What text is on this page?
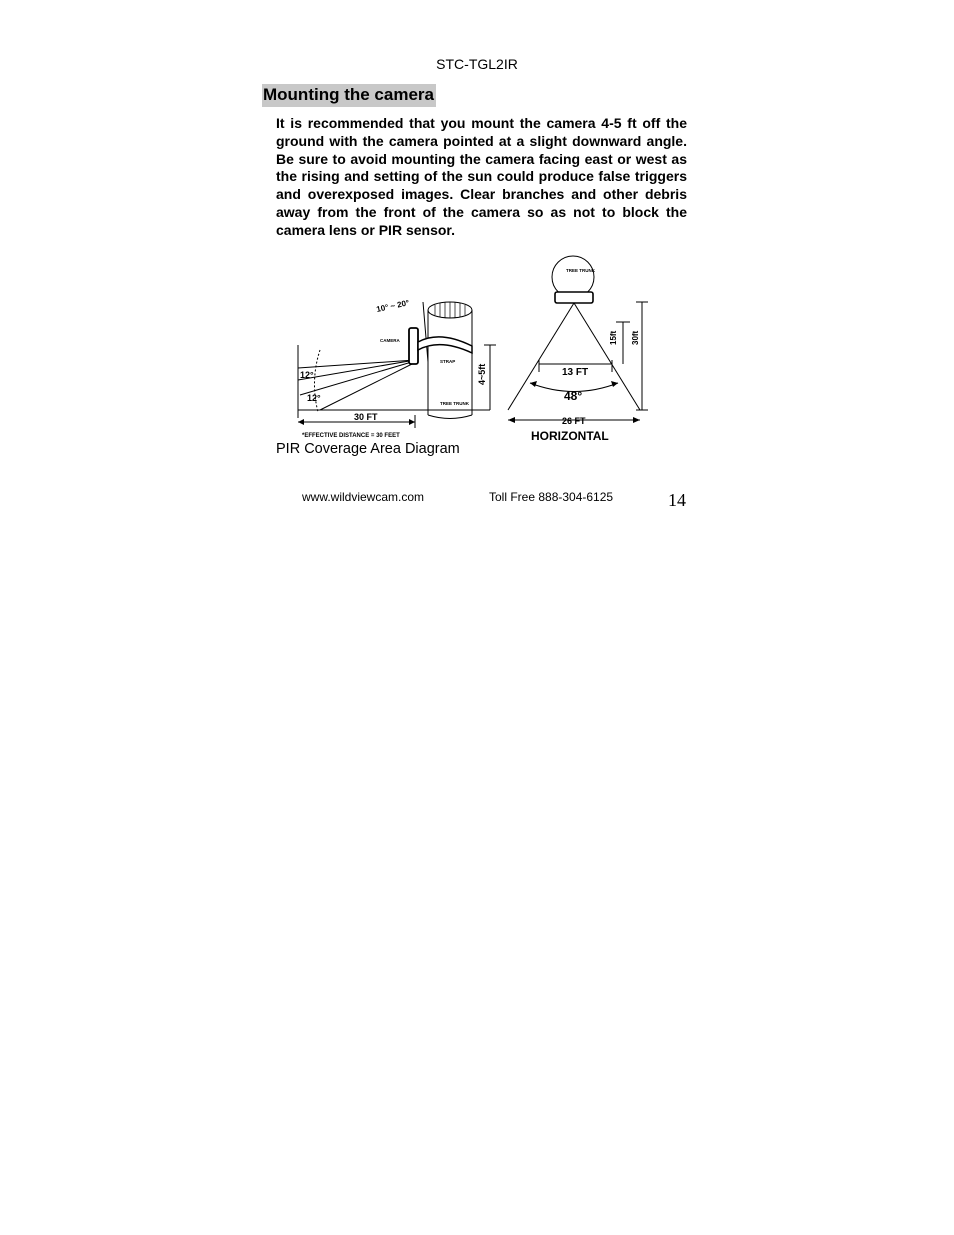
STC-TGL2IR
Mounting the camera
It is recommended that you mount the camera 4-5 ft off the ground with the camera pointed at a slight downward angle. Be sure to avoid mounting the camera facing east or west as the rising and setting of the sun could produce false triggers and overexposed images. Clear branches and other debris away from the front of the camera so as not to block the camera lens or PIR sensor.
10° ~ 20°
CAMERA
STRAP
TREE TRUNK
4~5ft
12°
12°
30 FT
*EFFECTIVE DISTANCE = 30 FEET
TREE TRUNK
13 FT
48°
26 FT
15ft 30ft
HORIZONTAL
PIR Coverage Area Diagram
www.wildviewcam.com	Toll Free 888-304-6125	14
